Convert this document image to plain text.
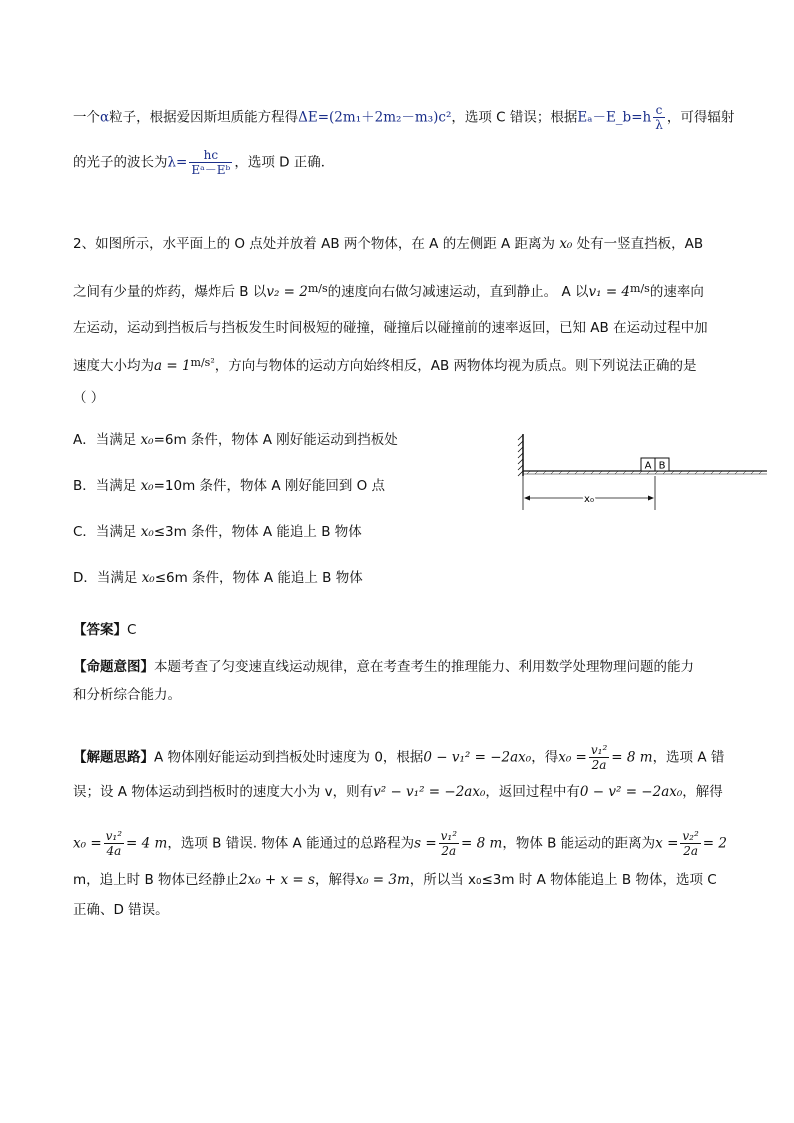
一个α粒子，根据爱因斯坦质能方程得ΔE=(2m₁＋2m₂－m₃)c²，选项 C 错误；根据Eₐ－E_b=h $\frac{c}{\lambda}$ ，可得辐射
的光子的波长为$\lambda= \frac{hc}{\text{Eᵃ－Eᵇ}}$ ，选项 D 正确．
2、如图所示，水平面上的 O 点处并放着 AB 两个物体，在 A 的左侧距 A 距离为 x₀ 处有一竖直挡板，AB
之间有少量的炸药，爆炸后 B 以$v_2 = 2^{m/s}$的速度向右做匀减速运动，直到静止。 A 以$v_1 = 4^{m/s}$的速率向
左运动，运动到挡板后与挡板发生时间极短的碰撞，碰撞后以碰撞前的速率返回，已知 AB 在运动过程中加
速度大小均为$a = 1^{m/s^2}$，方向与物体的运动方向始终相反，AB 两物体均视为质点。则下列说法正确的是
（ ）
A．当满足 x₀=6m 条件，物体 A 刚好能运动到挡板处
B．当满足 x₀=10m 条件，物体 A 刚好能回到 O 点
C．当满足 x₀≤3m 条件，物体 A 能追上 B 物体
D．当满足 x₀≤6m 条件，物体 A 能追上 B 物体
A B
x₀
【答案】C
【命题意图】本题考查了匀变速直线运动规律，意在考查考生的推理能力、利用数学处理物理问题的能力
和分析综合能力。
【解题思路】A 物体刚好能运动到挡板处时速度为 0，根据0 − v₁² = −2ax₀，得$x_0 = \frac{\text{v₁²}}{2a} = 8$ m，选项 A 错
误；设 A 物体运动到挡板时的速度大小为 v，则有v² − v₁² = −2ax₀，返回过程中有0 − v² = −2ax₀，解得
$x_0 = \frac{\text{v₁²}}{4a} = 4$ m，选项 B 错误. 物体 A 能通过的总路程为$s = \frac{\text{v₁²}}{2a} = 8$ m，物体 B 能运动的距离为$x = \frac{\text{v₂²}}{2a} = 2$
m，追上时 B 物体已经静止2x₀ + x = s，解得x₀ = 3m，所以当 x₀≤3m 时 A 物体能追上 B 物体，选项 C
正确、D 错误。
